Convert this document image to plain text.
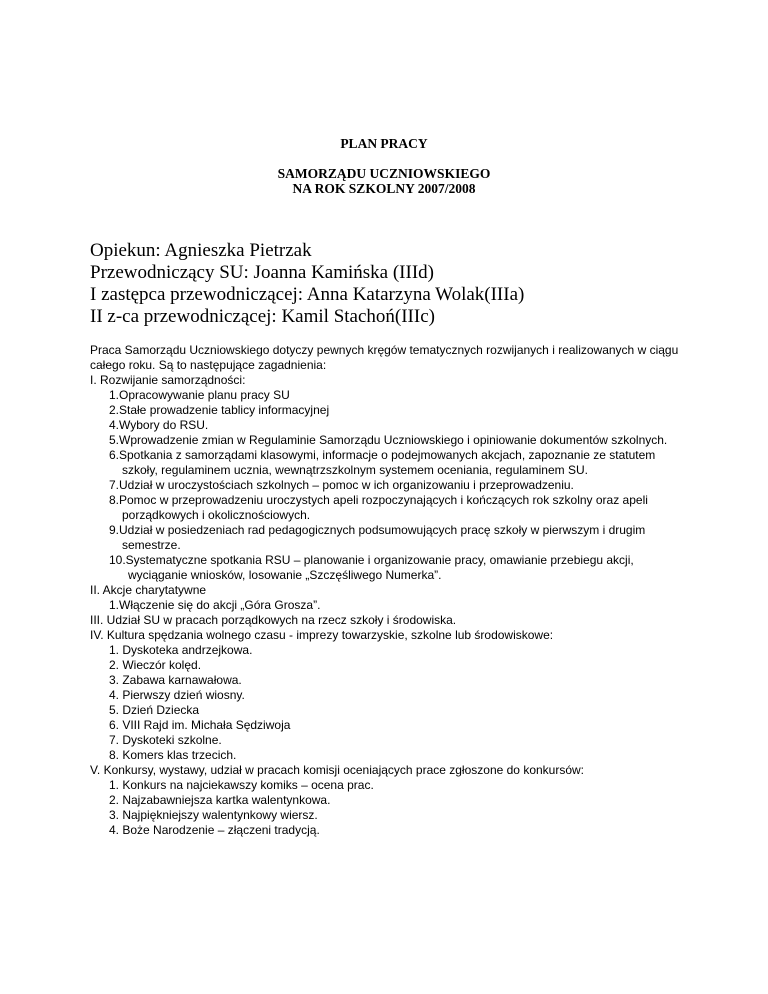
PLAN PRACY

SAMORZĄDU UCZNIOWSKIEGO

NA ROK SZKOLNY 2007/2008

Opiekun: Agnieszka Pietrzak
Przewodniczący SU: Joanna Kamińska (IIId)
I zastępca przewodniczącej: Anna Katarzyna Wolak(IIIa)
II z-ca przewodniczącej: Kamil Stachoń(IIIc)

Praca Samorządu Uczniowskiego dotyczy pewnych kręgów tematycznych rozwijanych i realizowanych w ciągu całego roku. Są to następujące zagadnienia:

I. Rozwijanie samorządności:

1.Opracowywanie planu pracy SU
2.Stałe prowadzenie tablicy informacyjnej
4.Wybory do RSU.
5.Wprowadzenie zmian w Regulaminie Samorządu Uczniowskiego i opiniowanie dokumentów szkolnych.
6.Spotkania z samorządami klasowymi, informacje o podejmowanych akcjach, zapoznanie ze statutem szkoły, regulaminem ucznia, wewnątrzszkolnym systemem oceniania, regulaminem SU.
7.Udział w uroczystościach szkolnych – pomoc w ich organizowaniu i przeprowadzeniu.
8.Pomoc w przeprowadzeniu uroczystych apeli rozpoczynających i kończących rok szkolny oraz apeli porządkowych i okolicznościowych.
9.Udział w posiedzeniach rad pedagogicznych podsumowujących pracę szkoły w pierwszym i drugim semestrze.
10.Systematyczne spotkania RSU – planowanie i organizowanie pracy, omawianie przebiegu akcji, wyciąganie wniosków, losowanie „Szczęśliwego Numerka”.

II. Akcje charytatywne

1.Włączenie się do akcji „Góra Grosza”.

III. Udział SU w pracach porządkowych na rzecz szkoły i środowiska.

IV. Kultura spędzania wolnego czasu - imprezy towarzyskie, szkolne lub środowiskowe:

1. Dyskoteka andrzejkowa.
2. Wieczór kolęd.
3. Zabawa karnawałowa.
4. Pierwszy dzień wiosny.
5. Dzień Dziecka
6. VIII Rajd im. Michała Sędziwoja
7. Dyskoteki szkolne.
8. Komers klas trzecich.

V. Konkursy, wystawy, udział w pracach komisji oceniających prace zgłoszone do konkursów:

1. Konkurs na najciekawszy komiks – ocena prac.
2. Najzabawniejsza kartka walentynkowa.
3. Najpiękniejszy walentynkowy wiersz.
4. Boże Narodzenie – złączeni tradycją.
